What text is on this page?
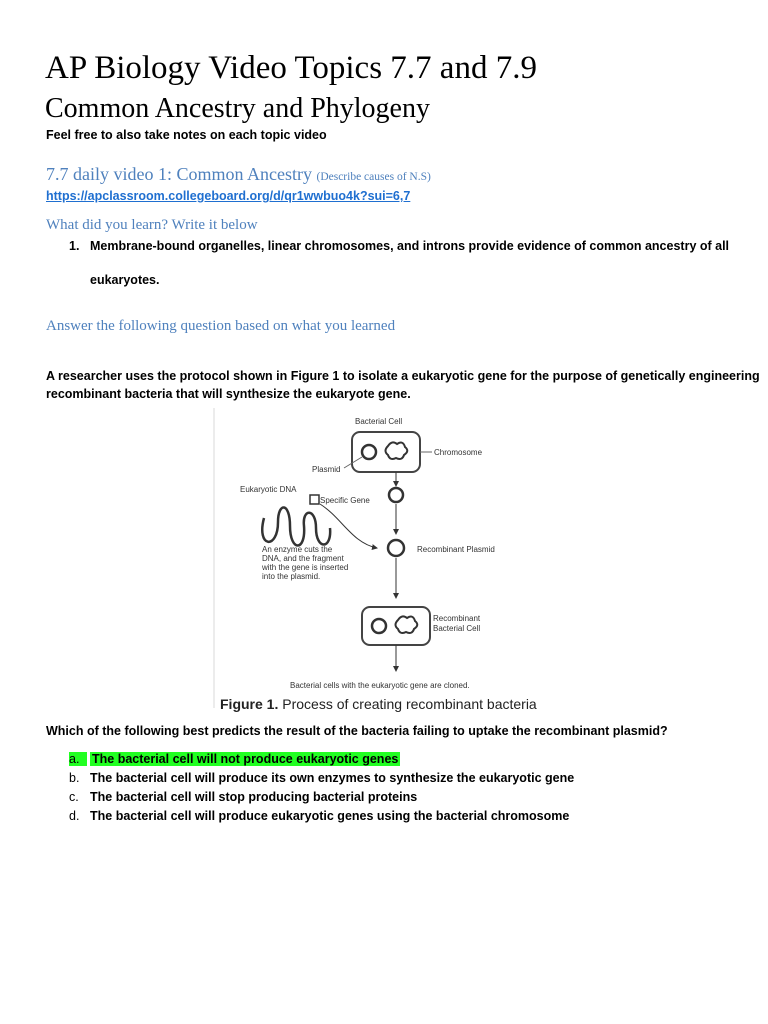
AP Biology Video Topics 7.7 and 7.9
Common Ancestry and Phylogeny
Feel free to also take notes on each topic video
7.7 daily video 1: Common Ancestry (Describe causes of N.S)
https://apclassroom.collegeboard.org/d/qr1wwbuo4k?sui=6,7
What did you learn? Write it below
1. Membrane-bound organelles, linear chromosomes, and introns provide evidence of common ancestry of all
eukaryotes.
Answer the following question based on what you learned
A researcher uses the protocol shown in Figure 1 to isolate a eukaryotic gene for the purpose of genetically engineering
recombinant bacteria that will synthesize the eukaryote gene.
Bacterial Cell
Chromosome
Plasmid
Eukaryotic DNA
Specific Gene
Recombinant Plasmid
An enzyme cuts the
DNA, and the fragment
with the gene is inserted
into the plasmid.
Recombinant
Bacterial Cell
Bacterial cells with the eukaryotic gene are cloned.
Figure 1. Process of creating recombinant bacteria
Which of the following best predicts the result of the bacteria failing to uptake the recombinant plasmid?
a.	The bacterial cell will not produce eukaryotic genes
b. The bacterial cell will produce its own enzymes to synthesize the eukaryotic gene
c. The bacterial cell will stop producing bacterial proteins
d. The bacterial cell will produce eukaryotic genes using the bacterial chromosome
